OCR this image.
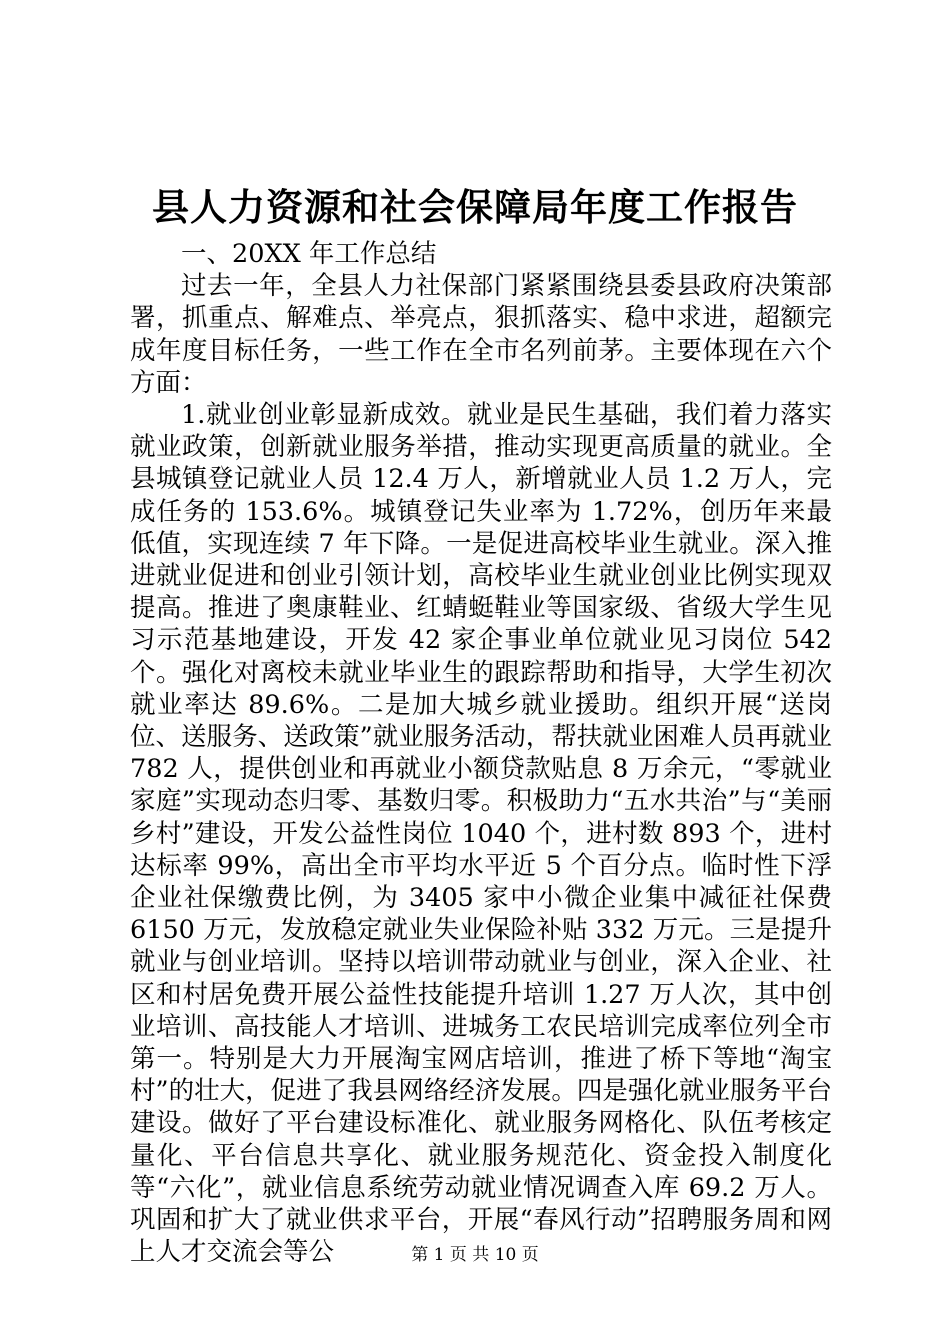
县人力资源和社会保障局年度工作报告

一、20XX 年工作总结

过去一年，全县人力社保部门紧紧围绕县委县政府决策部署，抓重点、解难点、举亮点，狠抓落实、稳中求进，超额完成年度目标任务，一些工作在全市名列前茅。主要体现在六个方面：

1.就业创业彰显新成效。就业是民生基础，我们着力落实就业政策，创新就业服务举措，推动实现更高质量的就业。全县城镇登记就业人员 12.4 万人，新增就业人员 1.2 万人，完成任务的 153.6%。城镇登记失业率为 1.72%，创历年来最低值，实现连续 7 年下降。一是促进高校毕业生就业。深入推进就业促进和创业引领计划，高校毕业生就业创业比例实现双提高。推进了奥康鞋业、红蜻蜓鞋业等国家级、省级大学生见习示范基地建设，开发 42 家企事业单位就业见习岗位 542 个。强化对离校未就业毕业生的跟踪帮助和指导，大学生初次就业率达 89.6%。二是加大城乡就业援助。组织开展“送岗位、送服务、送政策”就业服务活动，帮扶就业困难人员再就业 782 人，提供创业和再就业小额贷款贴息 8 万余元，“零就业家庭”实现动态归零、基数归零。积极助力“五水共治”与“美丽乡村”建设，开发公益性岗位 1040 个，进村数 893 个，进村达标率 99%，高出全市平均水平近 5 个百分点。临时性下浮企业社保缴费比例，为 3405 家中小微企业集中减征社保费 6150 万元，发放稳定就业失业保险补贴 332 万元。三是提升就业与创业培训。坚持以培训带动就业与创业，深入企业、社区和村居免费开展公益性技能提升培训 1.27 万人次，其中创业培训、高技能人才培训、进城务工农民培训完成率位列全市第一。特别是大力开展淘宝网店培训，推进了桥下等地“淘宝村”的壮大，促进了我县网络经济发展。四是强化就业服务平台建设。做好了平台建设标准化、就业服务网格化、队伍考核定量化、平台信息共享化、就业服务规范化、资金投入制度化等“六化”，就业信息系统劳动就业情况调查入库 69.2 万人。巩固和扩大了就业供求平台，开展“春风行动”招聘服务周和网上人才交流会等公	第 1 页 共 10 页
